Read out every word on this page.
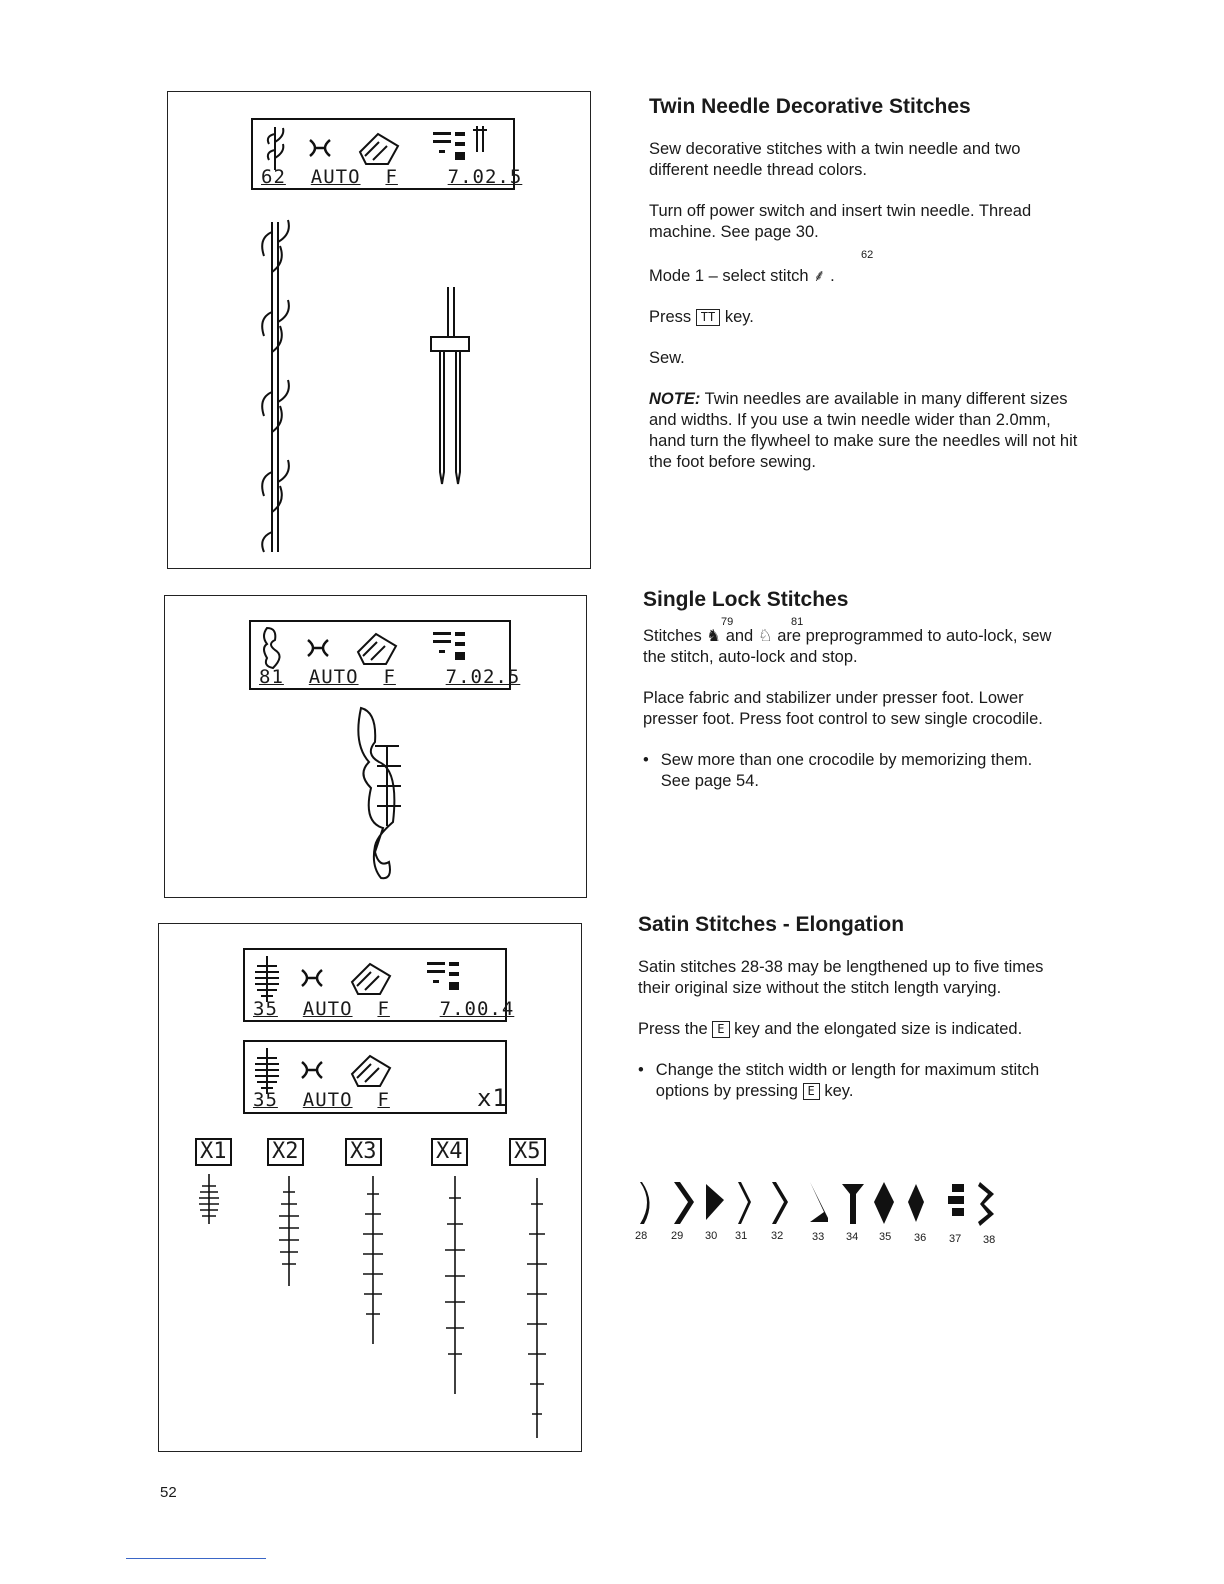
62 AUTO F	7.02.5
81 AUTO F	7.02.5
35 AUTO F	7.00.4
35 AUTO F	x1
X1 X2 X3	X4 X5
Twin Needle Decorative Stitches

Sew decorative stitches with a twin needle and two different needle thread colors.

Turn off power switch and insert twin needle. Thread machine. See page 30.

62

Mode 1 – select stitch ⸙ .

Press TT key.

Sew.

NOTE: Twin needles are available in many different sizes and widths. If you use a twin needle wider than 2.0mm, hand turn the flywheel to make sure the needles will not hit the foot before sewing.

Single Lock Stitches
79	81

Stitches ♞ and ♘ are preprogrammed to auto-lock, sew the stitch, auto-lock and stop.

Place fabric and stabilizer under presser foot. Lower presser foot. Press foot control to sew single crocodile.

• Sew more than one crocodile by memorizing them. See page 54.
Satin Stitches - Elongation

Satin stitches 28-38 may be lengthened up to five times their original size without the stitch length varying.

Press the E key and the elongated size is indicated.

• Change the stitch width or length for maximum stitch options by pressing E key.
28 29 30 31 32	33 34 35 36 37 38
52
